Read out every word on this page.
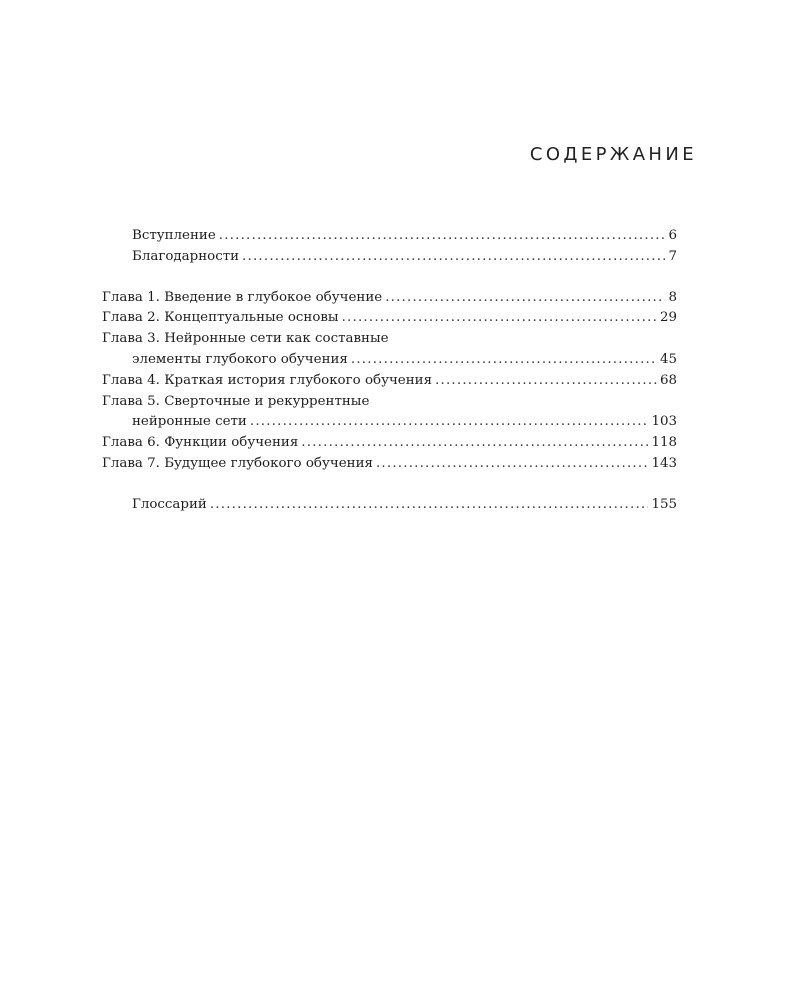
СОДЕРЖАНИЕ
Вступление .....	6
Благодарности .....	7
Глава 1. Введение в глубокое обучение .....	8
Глава 2. Концептуальные основы .....	29
Глава 3. Нейронные сети как составные
элементы глубокого обучения .....	45
Глава 4. Краткая история глубокого обучения .....	68
Глава 5. Сверточные и рекуррентные
нейронные сети .....	103
Глава 6. Функции обучения .....	118
Глава 7. Будущее глубокого обучения .....	143
Глоссарий .....	155
